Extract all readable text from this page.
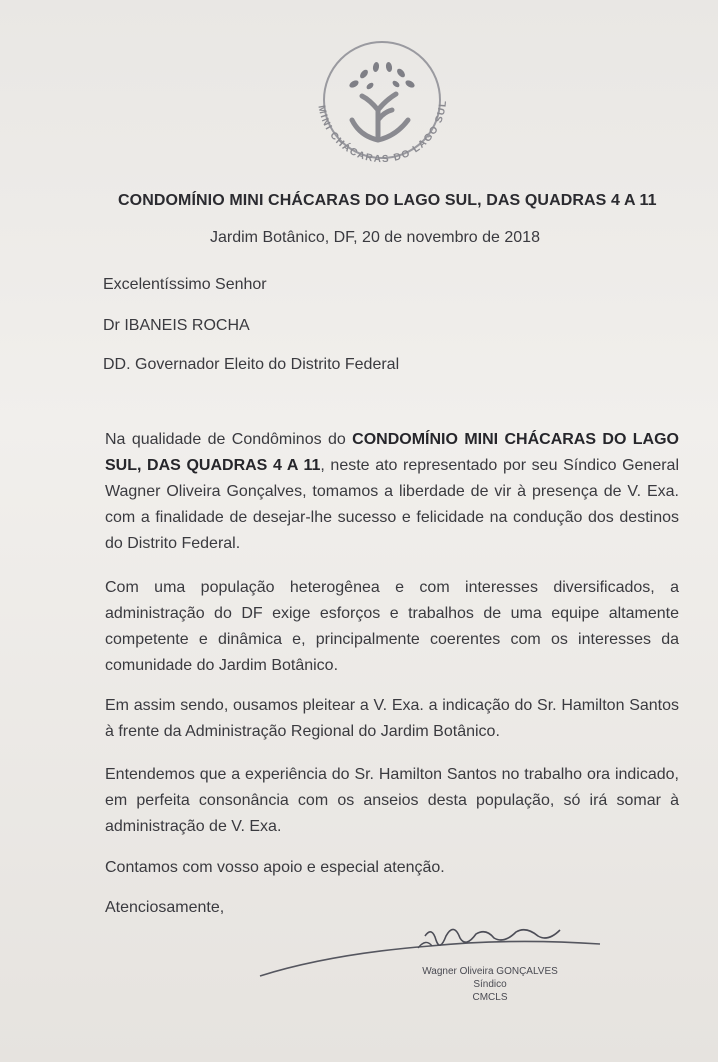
MINI CHÁCARAS DO LAGO SUL
CONDOMÍNIO MINI CHÁCARAS DO LAGO SUL, DAS QUADRAS 4 A 11
Jardim Botânico, DF, 20 de novembro de 2018
Excelentíssimo Senhor
Dr IBANEIS ROCHA
DD. Governador Eleito do Distrito Federal
Na qualidade de Condôminos do CONDOMÍNIO MINI CHÁCARAS DO LAGO SUL, DAS QUADRAS 4 A 11, neste ato representado por seu Síndico General Wagner Oliveira Gonçalves, tomamos a liberdade de vir à presença de V. Exa. com a finalidade de desejar-lhe sucesso e felicidade na condução dos destinos do Distrito Federal.
Com uma população heterogênea e com interesses diversificados, a administração do DF exige esforços e trabalhos de uma equipe altamente competente e dinâmica e, principalmente coerentes com os interesses da comunidade do Jardim Botânico.
Em assim sendo, ousamos pleitear a V. Exa. a indicação do Sr. Hamilton Santos à frente da Administração Regional do Jardim Botânico.
Entendemos que a experiência do Sr. Hamilton Santos no trabalho ora indicado, em perfeita consonância com os anseios desta população, só irá somar à administração de V. Exa.
Contamos com vosso apoio e especial atenção.
Atenciosamente,
Wagner Oliveira GONÇALVES
Síndico
CMCLS
